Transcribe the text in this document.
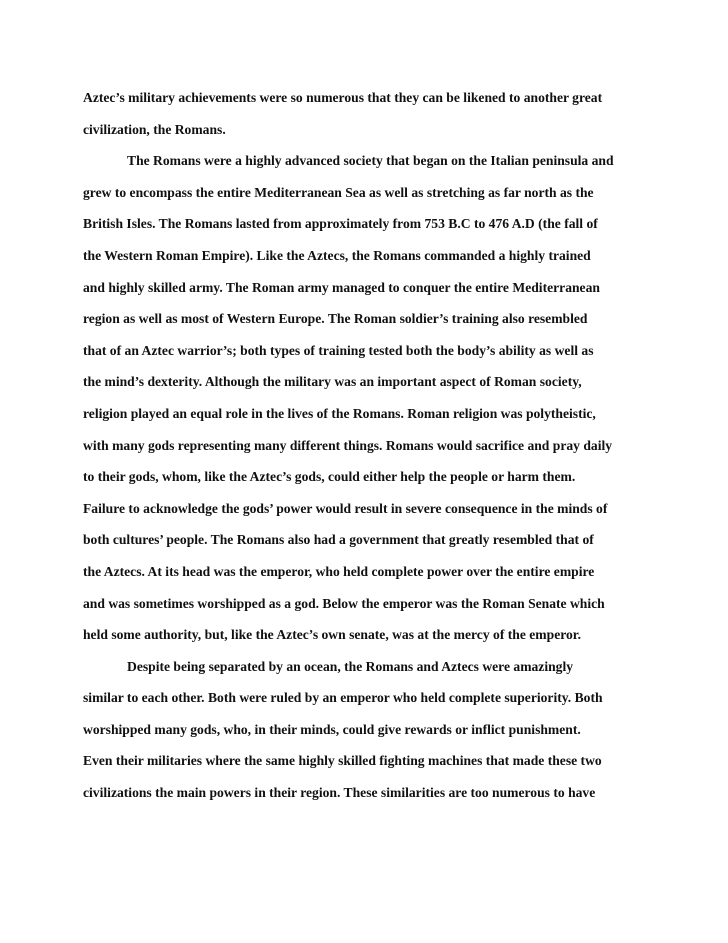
Aztec’s military achievements were so numerous that they can be likened to another great
civilization, the Romans.
The Romans were a highly advanced society that began on the Italian peninsula and
grew to encompass the entire Mediterranean Sea as well as stretching as far north as the
British Isles. The Romans lasted from approximately from 753 B.C to 476 A.D (the fall of
the Western Roman Empire). Like the Aztecs, the Romans commanded a highly trained
and highly skilled army. The Roman army managed to conquer the entire Mediterranean
region as well as most of Western Europe. The Roman soldier’s training also resembled
that of an Aztec warrior’s; both types of training tested both the body’s ability as well as
the mind’s dexterity. Although the military was an important aspect of Roman society,
religion played an equal role in the lives of the Romans. Roman religion was polytheistic,
with many gods representing many different things. Romans would sacrifice and pray daily
to their gods, whom, like the Aztec’s gods, could either help the people or harm them.
Failure to acknowledge the gods’ power would result in severe consequence in the minds of
both cultures’ people. The Romans also had a government that greatly resembled that of
the Aztecs. At its head was the emperor, who held complete power over the entire empire
and was sometimes worshipped as a god. Below the emperor was the Roman Senate which
held some authority, but, like the Aztec’s own senate, was at the mercy of the emperor.
Despite being separated by an ocean, the Romans and Aztecs were amazingly
similar to each other. Both were ruled by an emperor who held complete superiority. Both
worshipped many gods, who, in their minds, could give rewards or inflict punishment.
Even their militaries where the same highly skilled fighting machines that made these two
civilizations the main powers in their region. These similarities are too numerous to have
